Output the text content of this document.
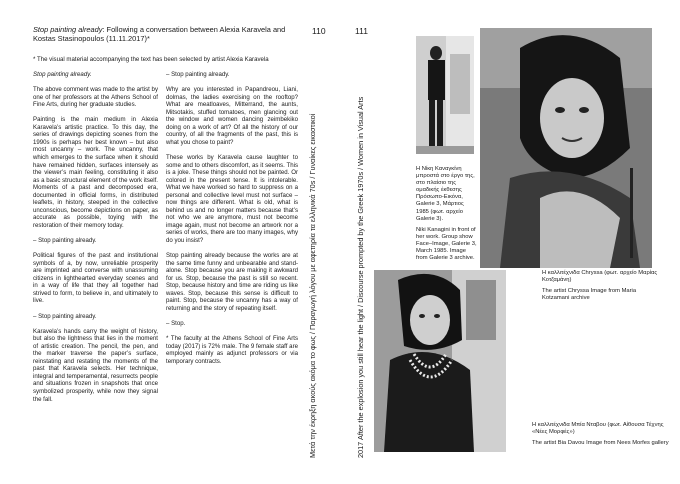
Stop painting already: Following a conversation between Alexia Karavela and Kostas Stasinopoulos (11.11.2017)*
110
* The visual material accompanying the text has been selected by artist Alexia Karavela

Stop painting already.

The above comment was made to the artist by one of her professors at the Athens School of Fine Arts, during her graduate studies.

Painting is the main medium in Alexia Karavela’s artistic practice. To this day, the series of drawings depicting scenes from the 1990s is perhaps her best known – but also most uncanny – work. The uncanny, that which emerges to the surface when it should have remained hidden, surfaces intensely as the viewer’s main feeling, constituting it also as a basic structural element of the work itself. Moments of a past and decomposed era, documented in official forms, in distributed leaflets, in history, steeped in the collective unconscious, become depictions on paper, as accurate as possible, toying with the restoration of their memory today.

– Stop painting already.

Political figures of the past and institutional symbols of a, by now, unreliable prosperity are imprinted and converse with unassuming citizens in lighthearted everyday scenes and in a way of life that they all together had strived to form, to believe in, and ultimately to live.

– Stop painting already.

Karavela’s hands carry the weight of history, but also the lightness that lies in the moment of artistic creation. The pencil, the pen, and the marker traverse the paper’s surface, reinstating and restating the moments of the past that Karavela selects. Her technique, integral and temperamental, resurrects people and situations frozen in snapshots that once symbolized prosperity, while now they signal the fall.

– Stop painting already.

Why are you interested in Papandreou, Liani, dolmas, the ladies exercising on the rooftop? What are meatloaves, Mitterrand, the aunts, Mitsotakis, stuffed tomatoes, men glancing out the window and women dancing zeimbekiko doing on a work of art? Of all the history of our country, of all the fragments of the past, this is what you chose to paint?

These works by Karavela cause laughter to some and to others discomfort, as it seems. This is a joke. These things should not be painted. Or colored in the present tense. It is intolerable. What we have worked so hard to suppress on a personal and collective level must not surface – now things are different. What is old, what is behind us and no longer matters because that’s not who we are anymore, must not become image again, must not become an artwork nor a series of works, there are too many images, why do you insist?

Stop painting already because the works are at the same time funny and unbearable and stand-alone. Stop because you are making it awkward for us. Stop, because the past is still so recent. Stop, because history and time are riding us like waves. Stop, because this sense is difficult to paint. Stop, because the uncanny has a way of returning and the story of repeating itself.

– Stop.

* The faculty at the Athens School of Fine Arts today (2017) is 72% male. The 9 female staff are employed mainly as adjunct professors or via temporary contracts.

111
Μετά την έκρηξη ακούς ακόμα το φως / Παραγωγή λόγου με αφετηρία τα ελληνικά 70s / Γυναίκες εικαστικοί	After the explosion you still hear the light / Discourse prompted by the Greek 1970s / Women in Visual Arts
2017

Η Νίκη Καναγκίνη μπροστά στο έργο της, στο πλαίσιο της ομαδικής έκθεσης Πρόσωπο-Εικόνα, Galerie 3, Μάρτιος 1985 (φωτ. αρχείο Galerie 3).

Niki Kanagini in front of her work. Group show Face–Image, Galerie 3, March 1985. Image from Galerie 3 archive.

Η καλλιτέχνιδα Chryssa (φωτ. αρχείο Μαρίας Κοτζαμάνη)

The artist Chryssa Image from Maria Kotzamani archive

Η καλλιτέχνιδα Μπία Νταβου (φωτ. Αίθουσα Τέχνης «Νέες Μορφές»)

The artist Bia Davou Image from Nees Morfes gallery
